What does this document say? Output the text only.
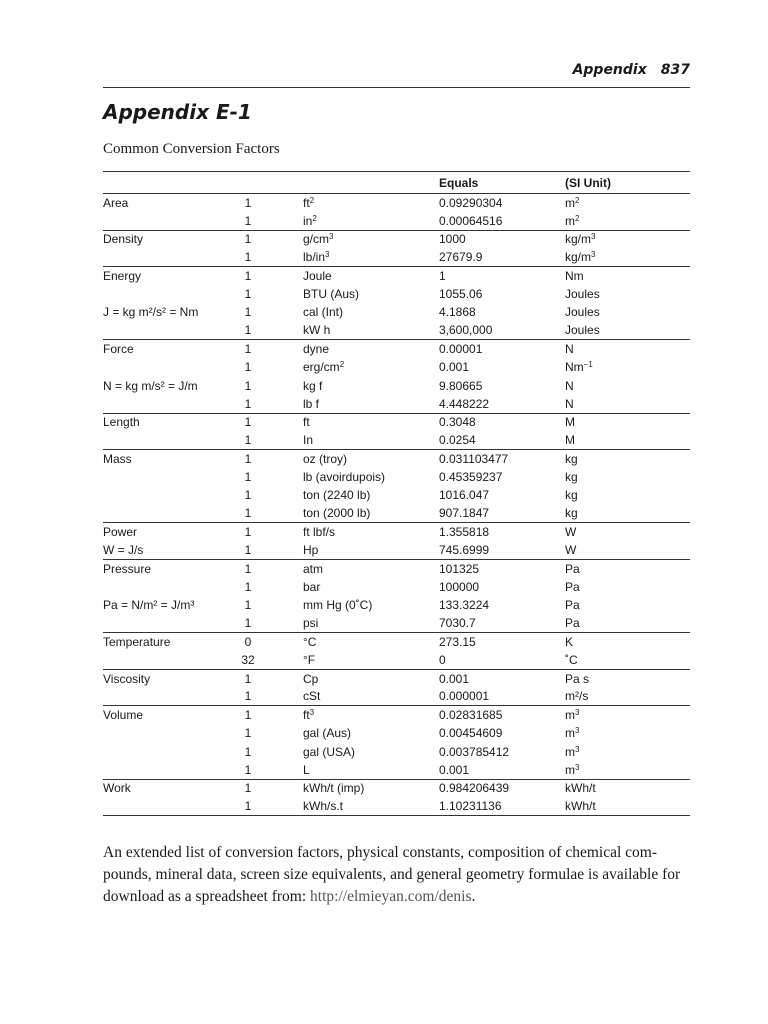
Appendix 837
Appendix E-1
Common Conversion Factors
				Equals	(SI Unit)
Area	1		$ft^2$	0.09290304	$m^2$
	1		$in^2$	0.00064516	$m^2$
Density	1		$g/cm^3$	1000	$kg/m^3$
	1		$lb/in^3$	27679.9	$kg/m^3$
Energy	1		Joule	1	Nm
	1		BTU (Aus)	1055.06	Joules
J = kg m²/s² = Nm	1		cal (Int)	4.1868	Joules
	1		kW h	3,600,000	Joules
Force	1		dyne	0.00001	N
	1		erg/$cm^2$	0.001	$Nm^{-1}$
N = kg m/s² = J/m	1		kg f	9.80665	N
	1		lb f	4.448222	N
Length	1		ft	0.3048	M
	1		In	0.0254	M
Mass	1		oz (troy)	0.031103477	kg
	1		lb (avoirdupois)	0.45359237	kg
	1		ton (2240 lb)	1016.047	kg
	1		ton (2000 lb)	907.1847	kg
Power	1		ft lbf/s	1.355818	W
W = J/s	1		Hp	745.6999	W
Pressure	1		atm	101325	Pa
	1		bar	100000	Pa
Pa = N/m² = J/m³	1		mm Hg (0˚C)	133.3224	Pa
	1		psi	7030.7	Pa
Temperature	0		°C	273.15	K
	32		°F	0	˚C
Viscosity	1		Cp	0.001	Pa s
	1		cSt	0.000001	m²/s
Volume	1		$ft^3$	0.02831685	$m^3$
	1		gal (Aus)	0.00454609	$m^3$
	1		gal (USA)	0.003785412	$m^3$
	1		L	0.001	$m^3$
Work	1		kWh/t (imp)	0.984206439	kWh/t
	1		kWh/s.t	1.10231136	kWh/t
An extended list of conversion factors, physical constants, composition of chemical com-pounds, mineral data, screen size equivalents, and general geometry formulae is available for download as a spreadsheet from: http://elmieyan.com/denis.
